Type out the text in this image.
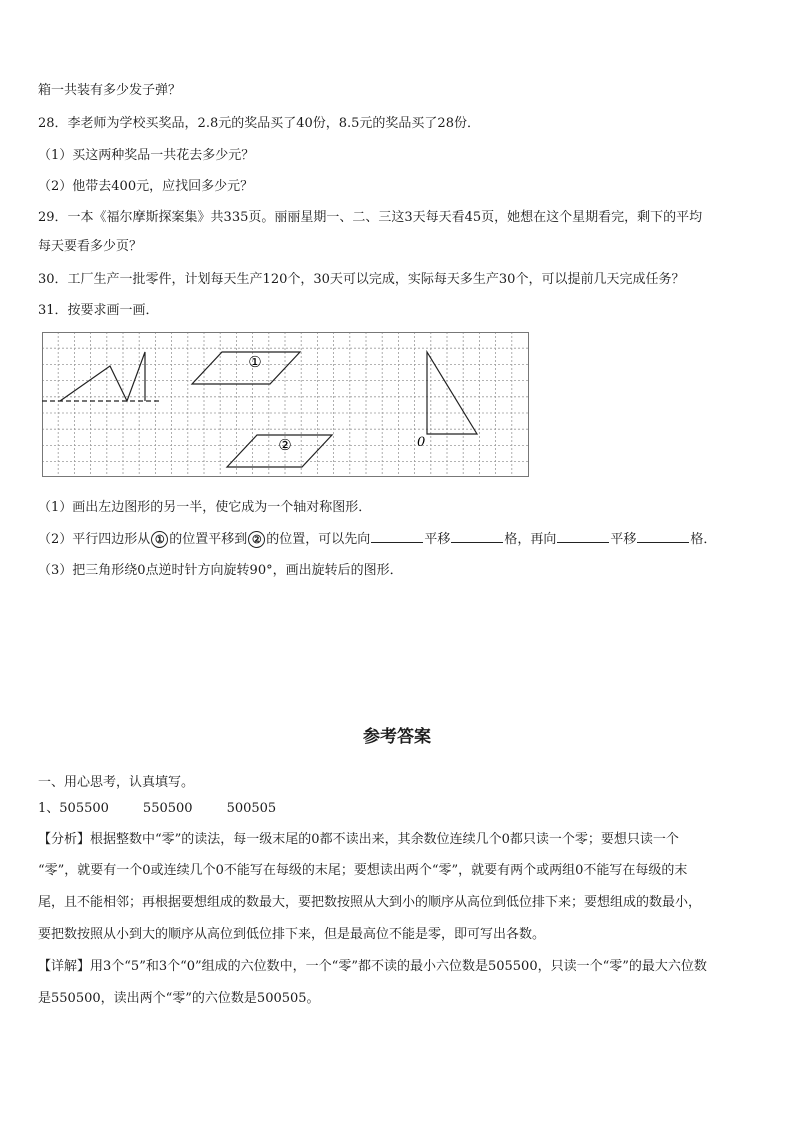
箱一共装有多少发子弹？
28．李老师为学校买奖品，2.8元的奖品买了40份，8.5元的奖品买了28份．
（1）买这两种奖品一共花去多少元？
（2）他带去400元，应找回多少元？
29．一本《福尔摩斯探案集》共335页。丽丽星期一、二、三这3天每天看45页，她想在这个星期看完，剩下的平均
每天要看多少页？
30．工厂生产一批零件，计划每天生产120个，30天可以完成，实际每天多生产30个，可以提前几天完成任务？
31．按要求画一画．
①
②	0
（1）画出左边图形的另一半，使它成为一个轴对称图形．
（2）平行四边形从 ① 的位置平移到 ② 的位置，可以先向	平移	格，再向	平移	格．
（3）把三角形绕0点逆时针方向旋转90°，画出旋转后的图形．
参考答案
一、用心思考，认真填写。
1、505500	550500	500505
【分析】根据整数中“零”的读法，每一级末尾的0都不读出来，其余数位连续几个0都只读一个零；要想只读一个
“零”，就要有一个0或连续几个0不能写在每级的末尾；要想读出两个“零”，就要有两个或两组0不能写在每级的末
尾，且不能相邻；再根据要想组成的数最大，要把数按照从大到小的顺序从高位到低位排下来；要想组成的数最小，
要把数按照从小到大的顺序从高位到低位排下来，但是最高位不能是零，即可写出各数。
【详解】用3个“5”和3个“0”组成的六位数中，一个“零”都不读的最小六位数是505500，只读一个“零”的最大六位数
是550500，读出两个“零”的六位数是500505。
